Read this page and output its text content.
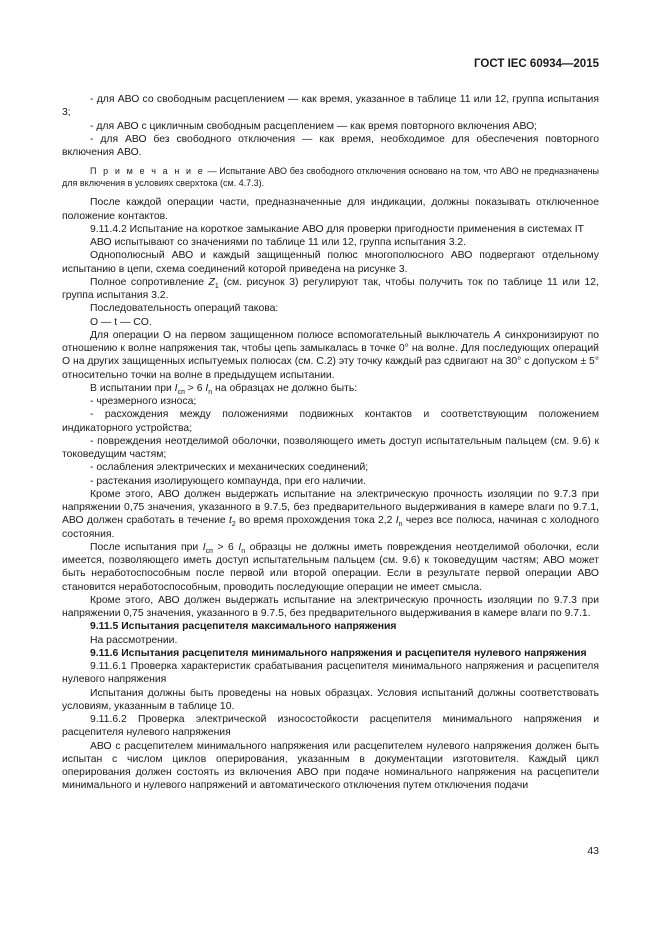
ГОСТ IEC 60934—2015

- для АВО со свободным расцеплением — как время, указанное в таблице 11 или 12, группа испытания 3;

- для АВО с цикличным свободным расцеплением — как время повторного включения АВО;

- для АВО без свободного отключения — как время, необходимое для обеспечения повторного включения АВО.

П р и м е ч а н и е — Испытание АВО без свободного отключения основано на том, что АВО не предназначены для включения в условиях сверхтока (см. 4.7.3).

После каждой операции части, предназначенные для индикации, должны показывать отключенное положение контактов.

9.11.4.2 Испытание на короткое замыкание АВО для проверки пригодности применения в системах IT

АВО испытывают со значениями по таблице 11 или 12, группа испытания 3.2.

Однополюсный АВО и каждый защищенный полюс многополюсного АВО подвергают отдельному испытанию в цепи, схема соединений которой приведена на рисунке 3.

Полное сопротивление $Z_1$ (см. рисунок 3) регулируют так, чтобы получить ток по таблице 11 или 12, группа испытания 3.2.

Последовательность операций такова:

O — t — CO.

Для операции О на первом защищенном полюсе вспомогательный выключатель A синхронизируют по отношению к волне напряжения так, чтобы цепь замыкалась в точке 0° на волне. Для последующих операций О на других защищенных испытуемых полюсах (см. С.2) эту точку каждый раз сдвигают на 30° с допуском ± 5° относительно точки на волне в предыдущем испытании.

В испытании при $I_{сп} > 6$ $I_n$ на образцах не должно быть:

- чрезмерного износа;

- расхождения между положениями подвижных контактов и соответствующим положением индикаторного устройства;

- повреждения неотделимой оболочки, позволяющего иметь доступ испытательным пальцем (см. 9.6) к токоведущим частям;

- ослабления электрических и механических соединений;

- растекания изолирующего компаунда, при его наличии.

Кроме этого, АВО должен выдержать испытание на электрическую прочность изоляции по 9.7.3 при напряжении 0,75 значения, указанного в 9.7.5, без предварительного выдерживания в камере влаги по 9.7.1, АВО должен сработать в течение $t_2$ во время прохождения тока 2,2 $I_n$ через все полюса, начиная с холодного состояния.

После испытания при $I_{сп} > 6$ $I_n$ образцы не должны иметь повреждения неотделимой оболочки, если имеется, позволяющего иметь доступ испытательным пальцем (см. 9.6) к токоведущим частям; АВО может быть неработоспособным после первой или второй операции. Если в результате первой операции АВО становится неработоспособным, проводить последующие операции не имеет смысла.

Кроме этого, АВО должен выдержать испытание на электрическую прочность изоляции по 9.7.3 при напряжении 0,75 значения, указанного в 9.7.5, без предварительного выдерживания в камере влаги по 9.7.1.

9.11.5 Испытания расцепителя максимального напряжения

На рассмотрении.

9.11.6 Испытания расцепителя минимального напряжения и расцепителя нулевого напряжения

9.11.6.1 Проверка характеристик срабатывания расцепителя минимального напряжения и расцепителя нулевого напряжения

Испытания должны быть проведены на новых образцах. Условия испытаний должны соответствовать условиям, указанным в таблице 10.

9.11.6.2 Проверка электрической износостойкости расцепителя минимального напряжения и расцепителя нулевого напряжения

АВО с расцепителем минимального напряжения или расцепителем нулевого напряжения должен быть испытан с числом циклов оперирования, указанным в документации изготовителя. Каждый цикл оперирования должен состоять из включения АВО при подаче номинального напряжения на расцепители минимального и нулевого напряжений и автоматического отключения путем отключения подачи

43
